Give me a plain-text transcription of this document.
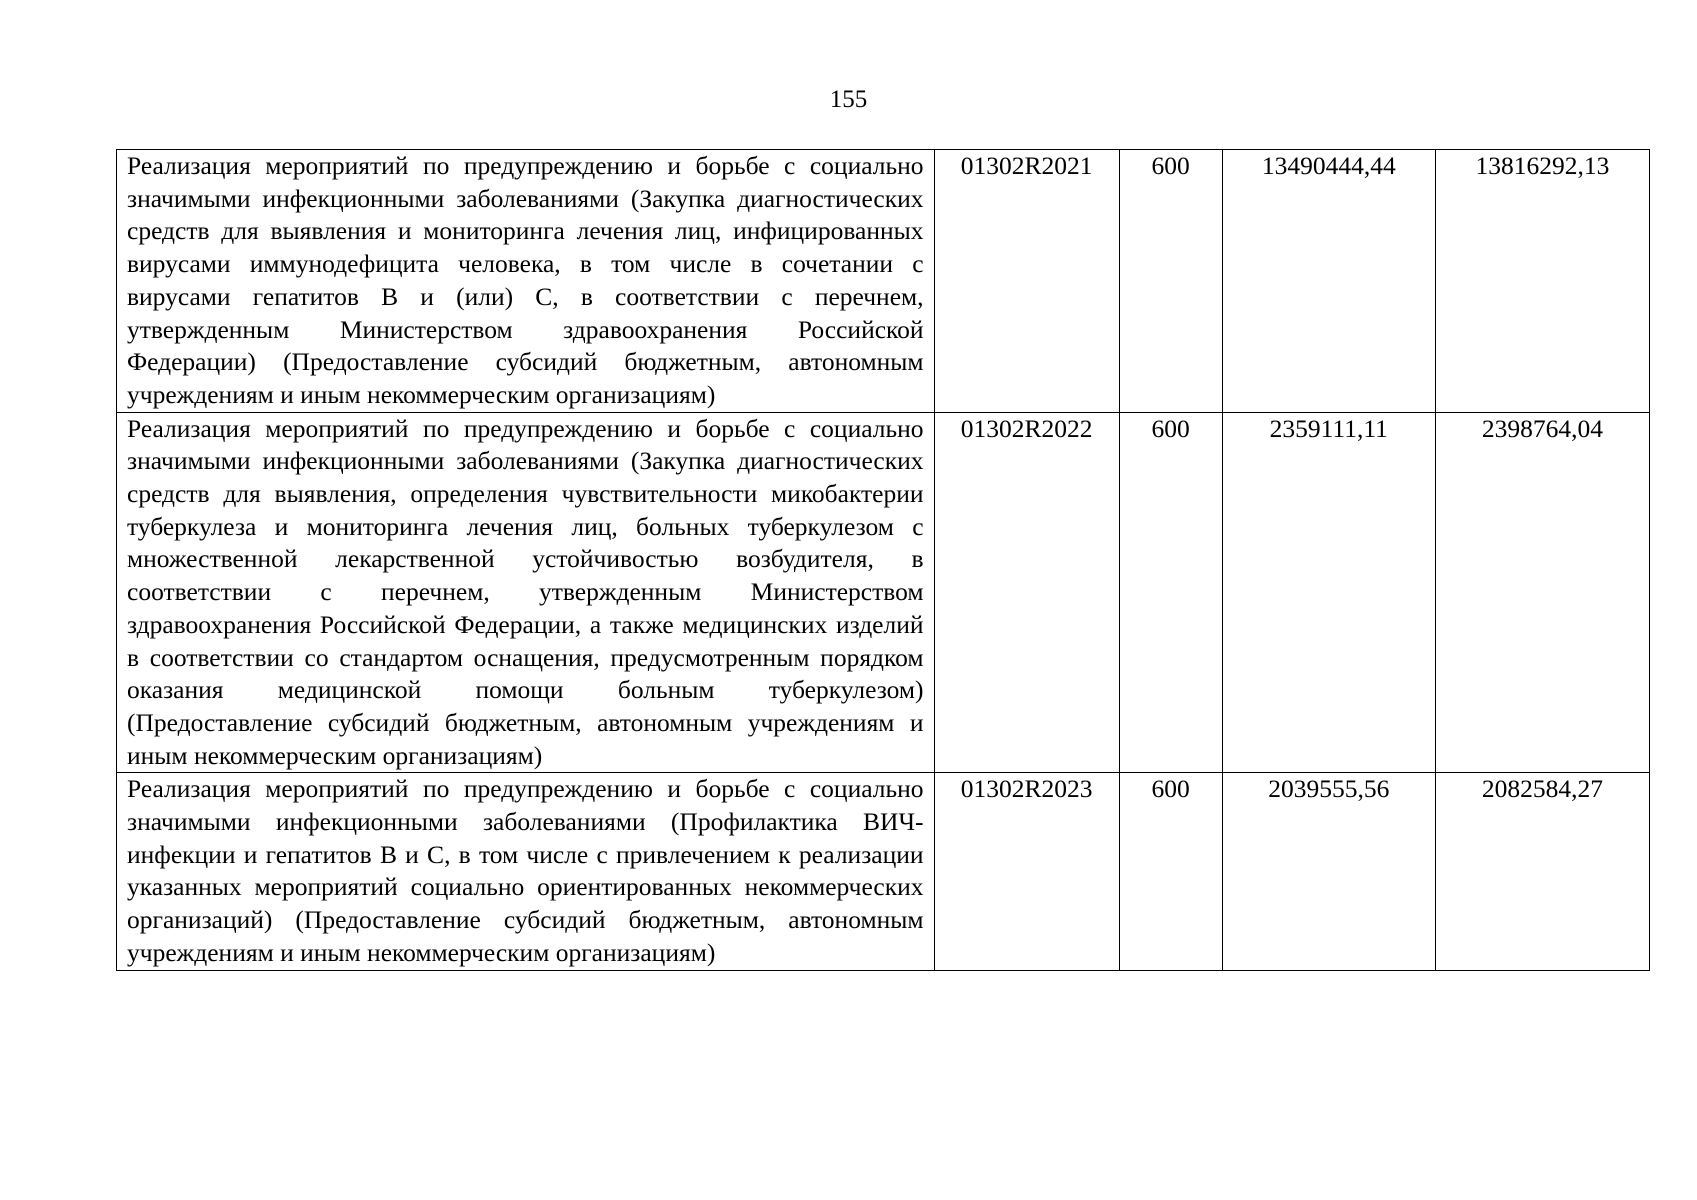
155
Реализация мероприятий по предупреждению и борьбе с социально значимыми инфекционными заболеваниями (Закупка диагностических средств для выявления и мониторинга лечения лиц, инфицированных вирусами иммунодефицита человека, в том числе в сочетании с вирусами гепатитов В и (или) С, в соответствии с перечнем, утвержденным Министерством здравоохранения Российской Федерации) (Предоставление субсидий бюджетным, автономным учреждениям и иным некоммерческим организациям)	01302R2021	600	13490444,44	13816292,13
Реализация мероприятий по предупреждению и борьбе с социально значимыми инфекционными заболеваниями (Закупка диагностических средств для выявления, определения чувствительности микобактерии туберкулеза и мониторинга лечения лиц, больных туберкулезом с множественной лекарственной устойчивостью возбудителя, в соответствии с перечнем, утвержденным Министерством здравоохранения Российской Федерации, а также медицинских изделий в соответствии со стандартом оснащения, предусмотренным порядком оказания медицинской помощи больным туберкулезом) (Предоставление субсидий бюджетным, автономным учреждениям и иным некоммерческим организациям)	01302R2022	600	2359111,11	2398764,04
Реализация мероприятий по предупреждению и борьбе с социально значимыми инфекционными заболеваниями (Профилактика ВИЧ-инфекции и гепатитов В и С, в том числе с привлечением к реализации указанных мероприятий социально ориентированных некоммерческих организаций) (Предоставление субсидий бюджетным, автономным учреждениям и иным некоммерческим организациям)	01302R2023	600	2039555,56	2082584,27
